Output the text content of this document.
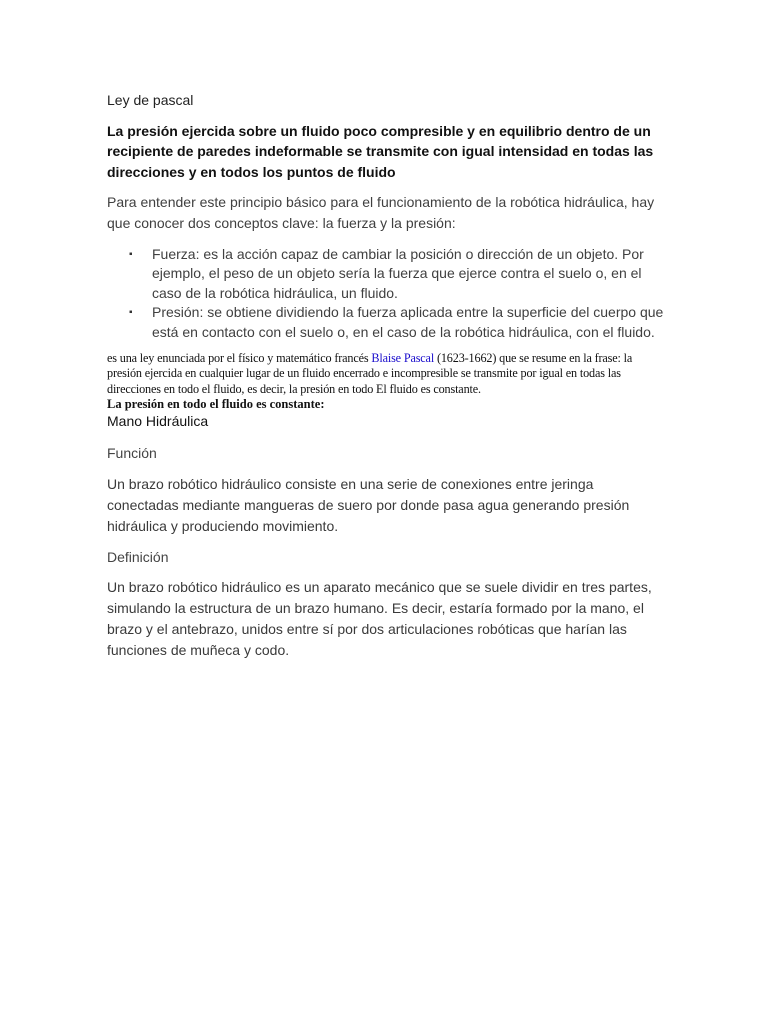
Ley de pascal

La presión ejercida sobre un fluido poco compresible y en equilibrio dentro de un recipiente de paredes indeformable se transmite con igual intensidad en todas las direcciones y en todos los puntos de fluido

Para entender este principio básico para el funcionamiento de la robótica hidráulica, hay que conocer dos conceptos clave: la fuerza y la presión:

▪ Fuerza: es la acción capaz de cambiar la posición o dirección de un objeto. Por ejemplo, el peso de un objeto sería la fuerza que ejerce contra el suelo o, en el caso de la robótica hidráulica, un fluido.
▪ Presión: se obtiene dividiendo la fuerza aplicada entre la superficie del cuerpo que está en contacto con el suelo o, en el caso de la robótica hidráulica, con el fluido.

es una ley enunciada por el físico y matemático francés Blaise Pascal (1623-1662) que se resume en la frase: la presión ejercida en cualquier lugar de un fluido encerrado e incompresible se transmite por igual en todas las direcciones en todo el fluido, es decir, la presión en todo El fluido es constante.

La presión en todo el fluido es constante:

Mano Hidráulica

Función

Un brazo robótico hidráulico consiste en una serie de conexiones entre jeringa conectadas mediante mangueras de suero por donde pasa agua generando presión hidráulica y produciendo movimiento.

Definición

Un brazo robótico hidráulico es un aparato mecánico que se suele dividir en tres partes, simulando la estructura de un brazo humano. Es decir, estaría formado por la mano, el brazo y el antebrazo, unidos entre sí por dos articulaciones robóticas que harían las funciones de muñeca y codo.
